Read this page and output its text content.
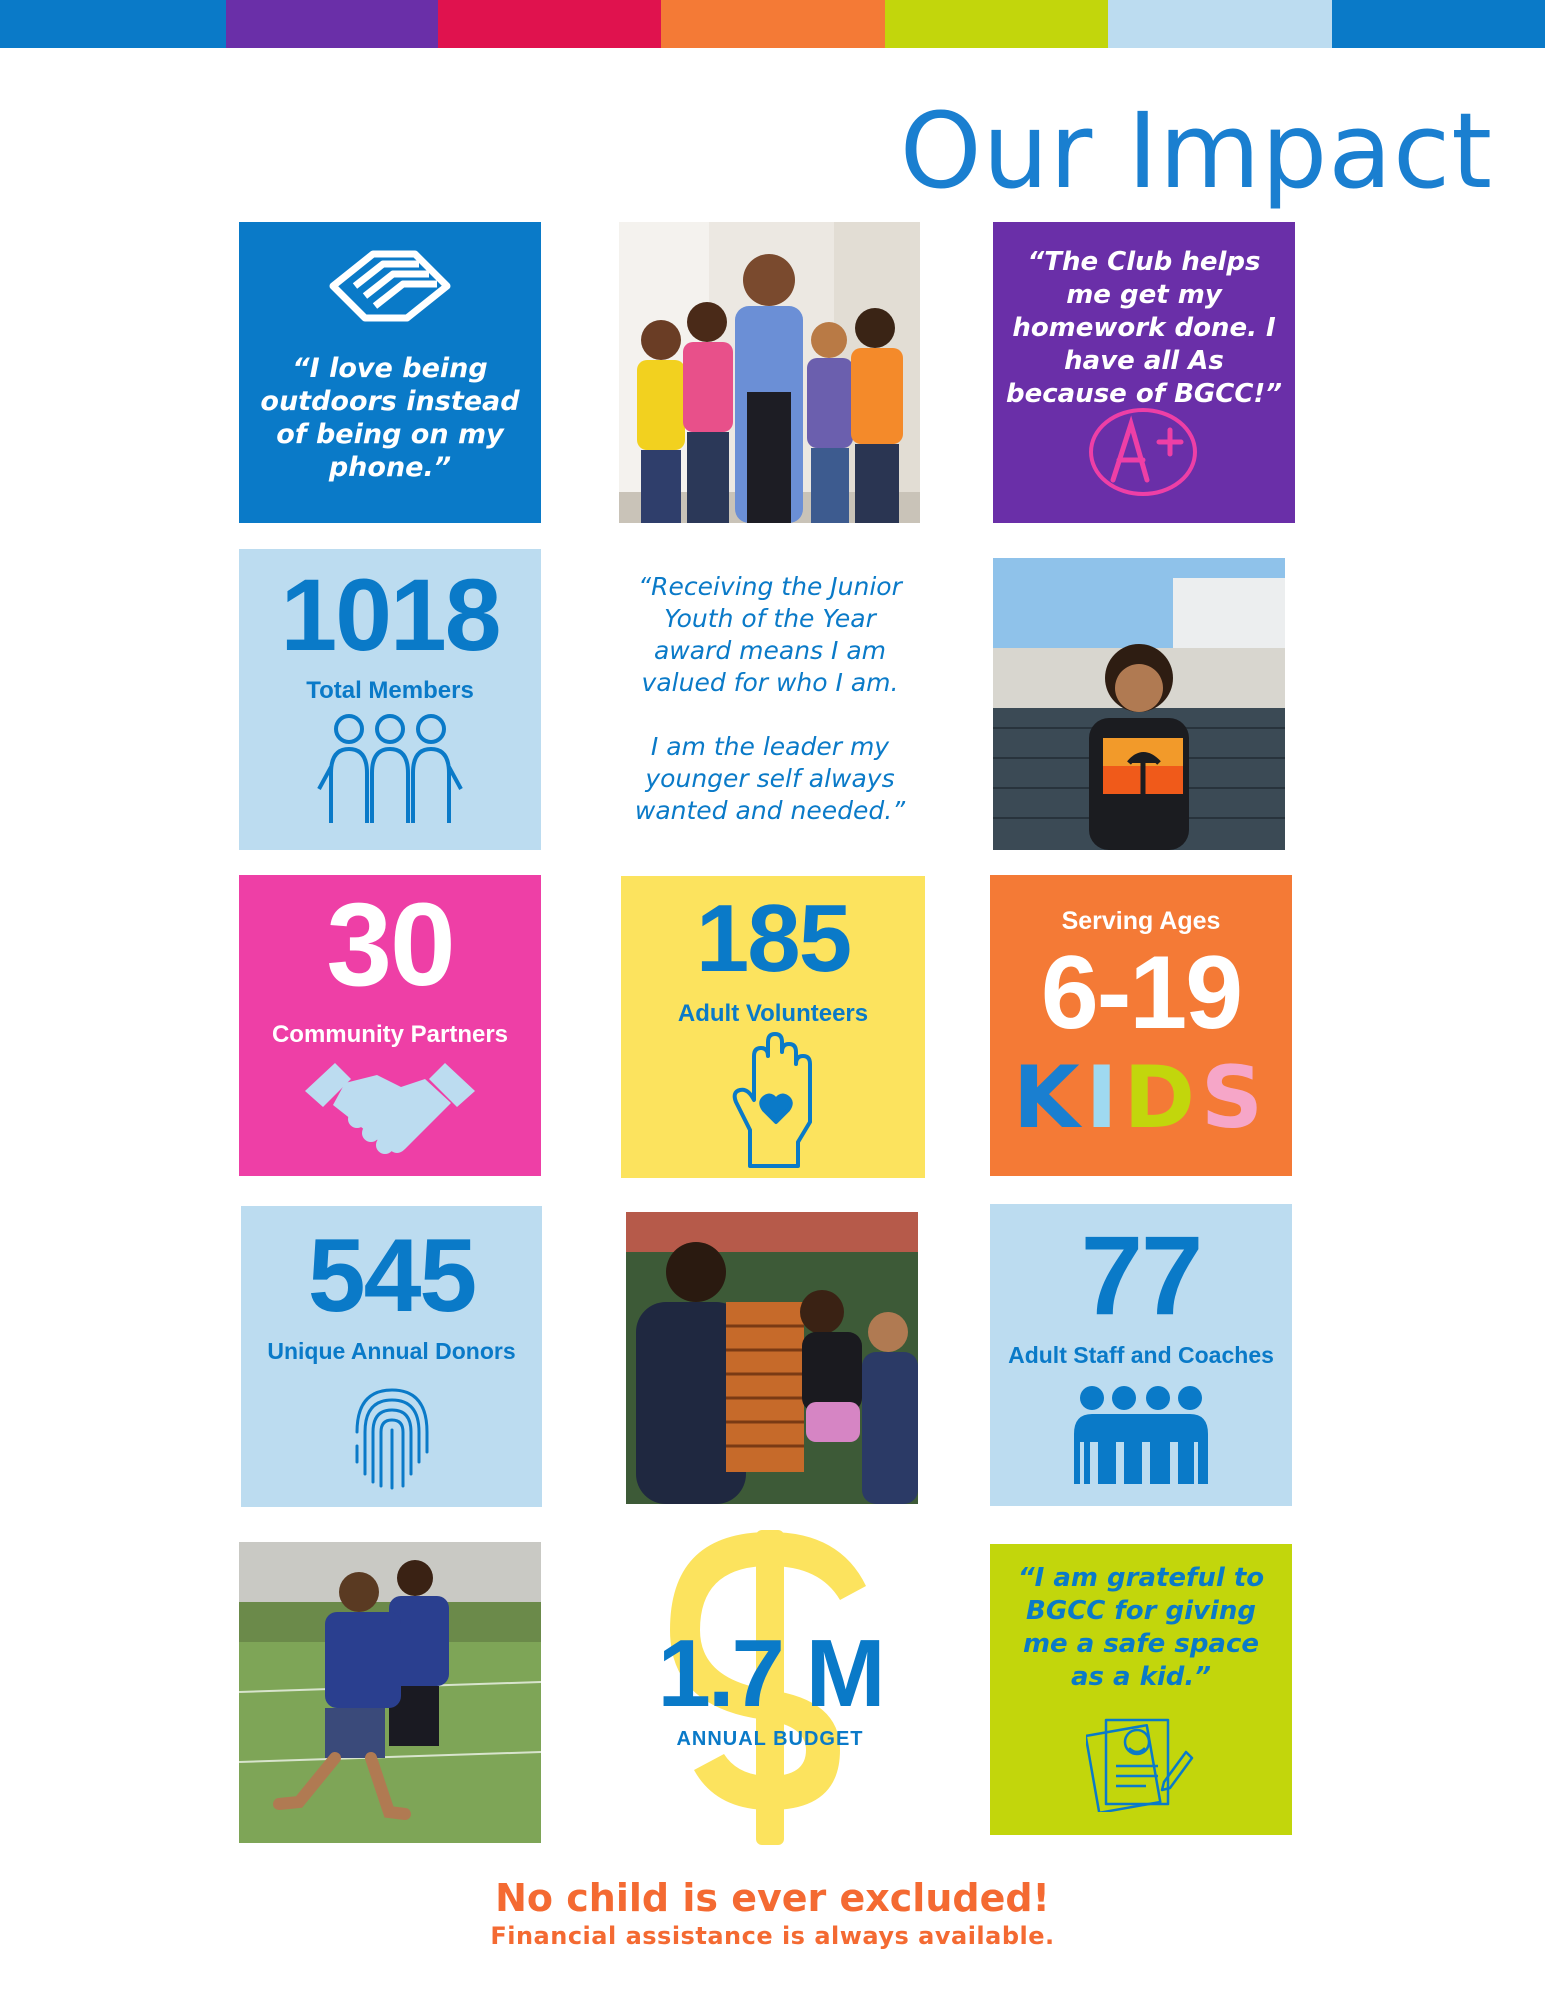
Our Impact
“I love being outdoors instead of being on my phone.”
“The Club helps me get my homework done. I have all As because of BGCC!”
1018
Total Members
“Receiving the Junior Youth of the Year award means I am valued for who I am.
I am the leader my younger self always wanted and needed.”
30
Community Partners
185
Adult Volunteers
Serving Ages
6-19
KIDS
545
Unique Annual Donors
77
Adult Staff and Coaches
1.7 M
ANNUAL BUDGET
“I am grateful to BGCC for giving me a safe space as a kid.”
No child is ever excluded!
Financial assistance is always available.
